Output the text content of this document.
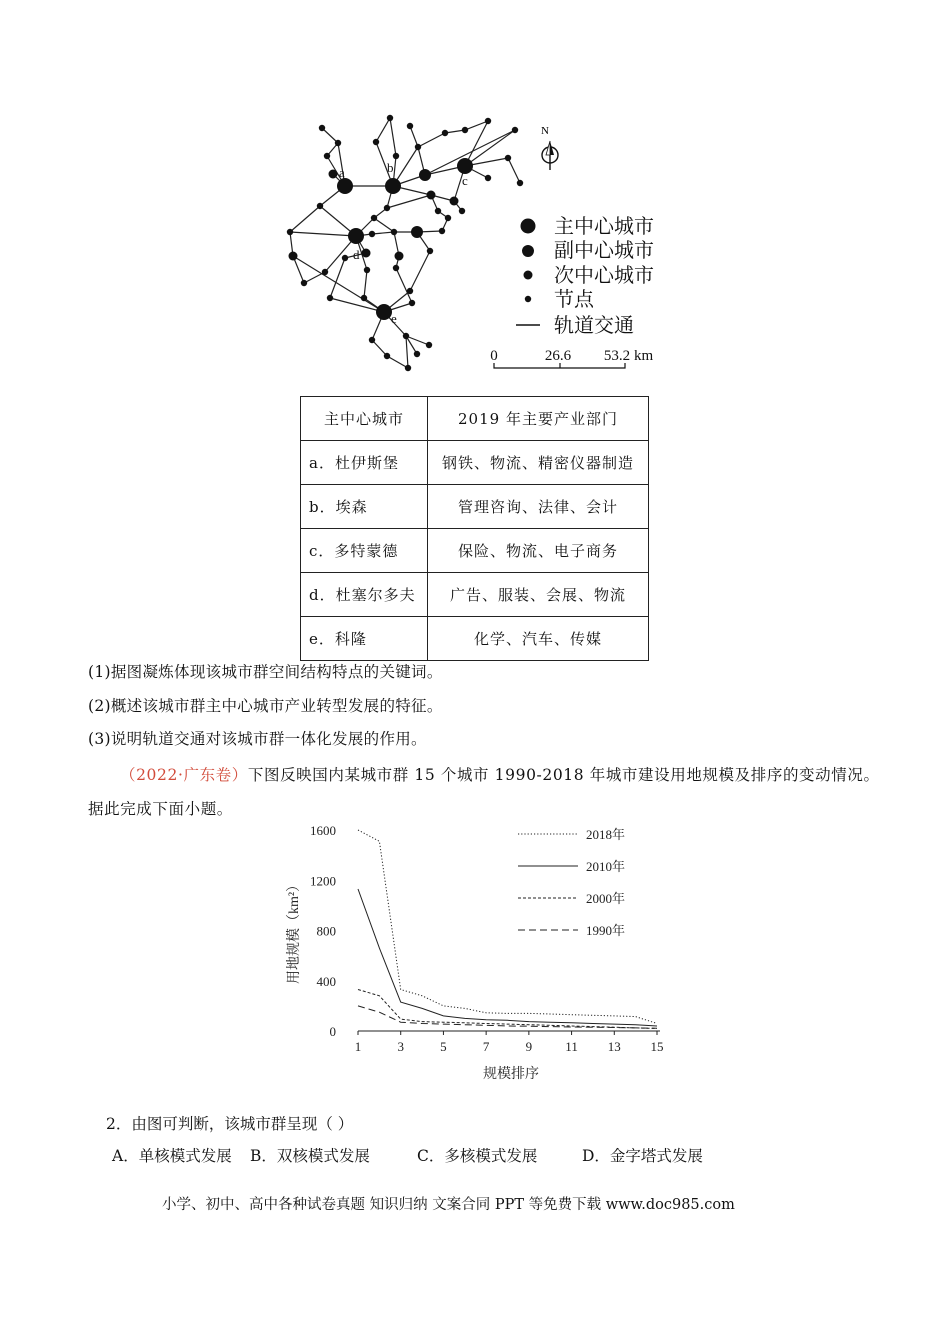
a	b
c
d
e
N
主中心城市
副中心城市
次中心城市
节点
轨道交通
0	26.6 53.2 km
主中心城市	2019 年主要产业部门
a．杜伊斯堡	钢铁、物流、精密仪器制造
b．埃森	管理咨询、法律、会计
c．多特蒙德	保险、物流、电子商务
d．杜塞尔多夫	广告、服装、会展、物流
e．科隆	化学、汽车、传媒
(1)据图凝炼体现该城市群空间结构特点的关键词。
(2)概述该城市群主中心城市产业转型发展的特征。
(3)说明轨道交通对该城市群一体化发展的作用。
（2022·广东卷）下图反映国内某城市群 15 个城市 1990-2018 年城市建设用地规模及排序的变动情况。
据此完成下面小题。
1	3	5	7	9	11 13 15
0
400
800
1200
1600	2018年
2010年
2000年
1990年
规模排序
用地规模（km²）
2．由图可判断，该城市群呈现（ ）
A．单核模式发展 B．双核模式发展	C．多核模式发展	D．金字塔式发展
小学、初中、高中各种试卷真题 知识归纳 文案合同 PPT 等免费下载 www.doc985.com
